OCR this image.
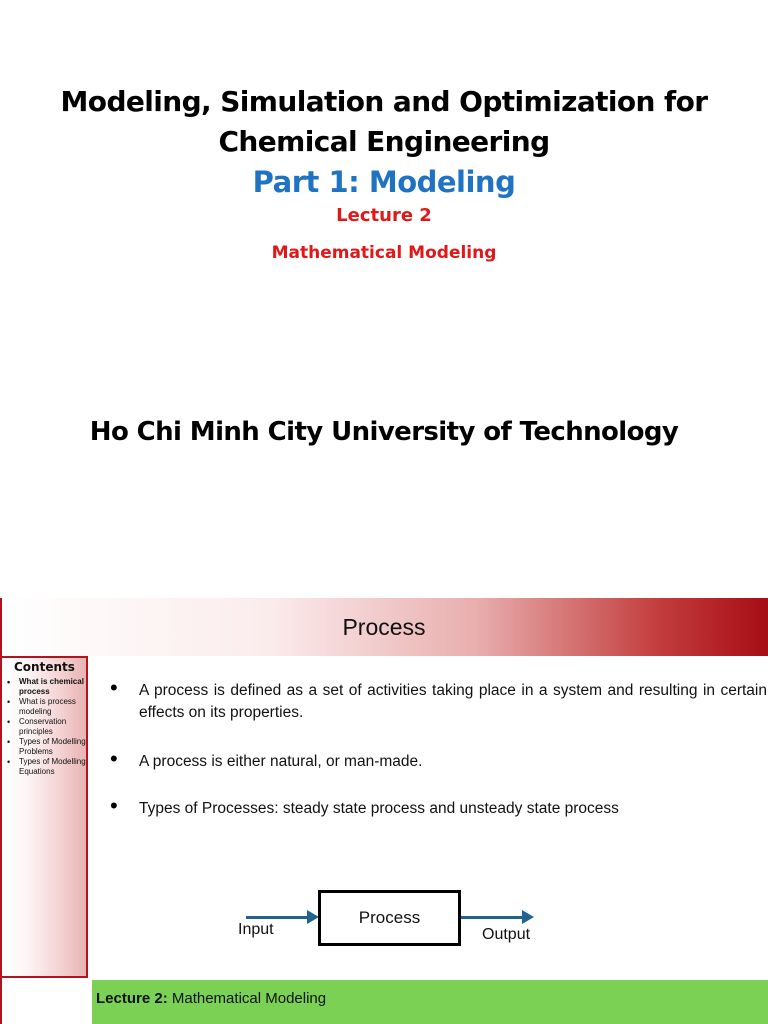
Modeling, Simulation and Optimization for
Chemical Engineering
Part 1: Modeling
Lecture 2
Mathematical Modeling
Ho Chi Minh City University of Technology
Process
Contents
• What is chemical process
• What is process modeling
• Conservation principles
• Types of Modelling Problems
• Types of Modelling Equations
• A process is defined as a set of activities taking place in a system and resulting in certain effects on its properties.
• A process is either natural, or man-made.
• Types of Processes: steady state process and unsteady state process
Process
Input	Output
Lecture 2: Mathematical Modeling
